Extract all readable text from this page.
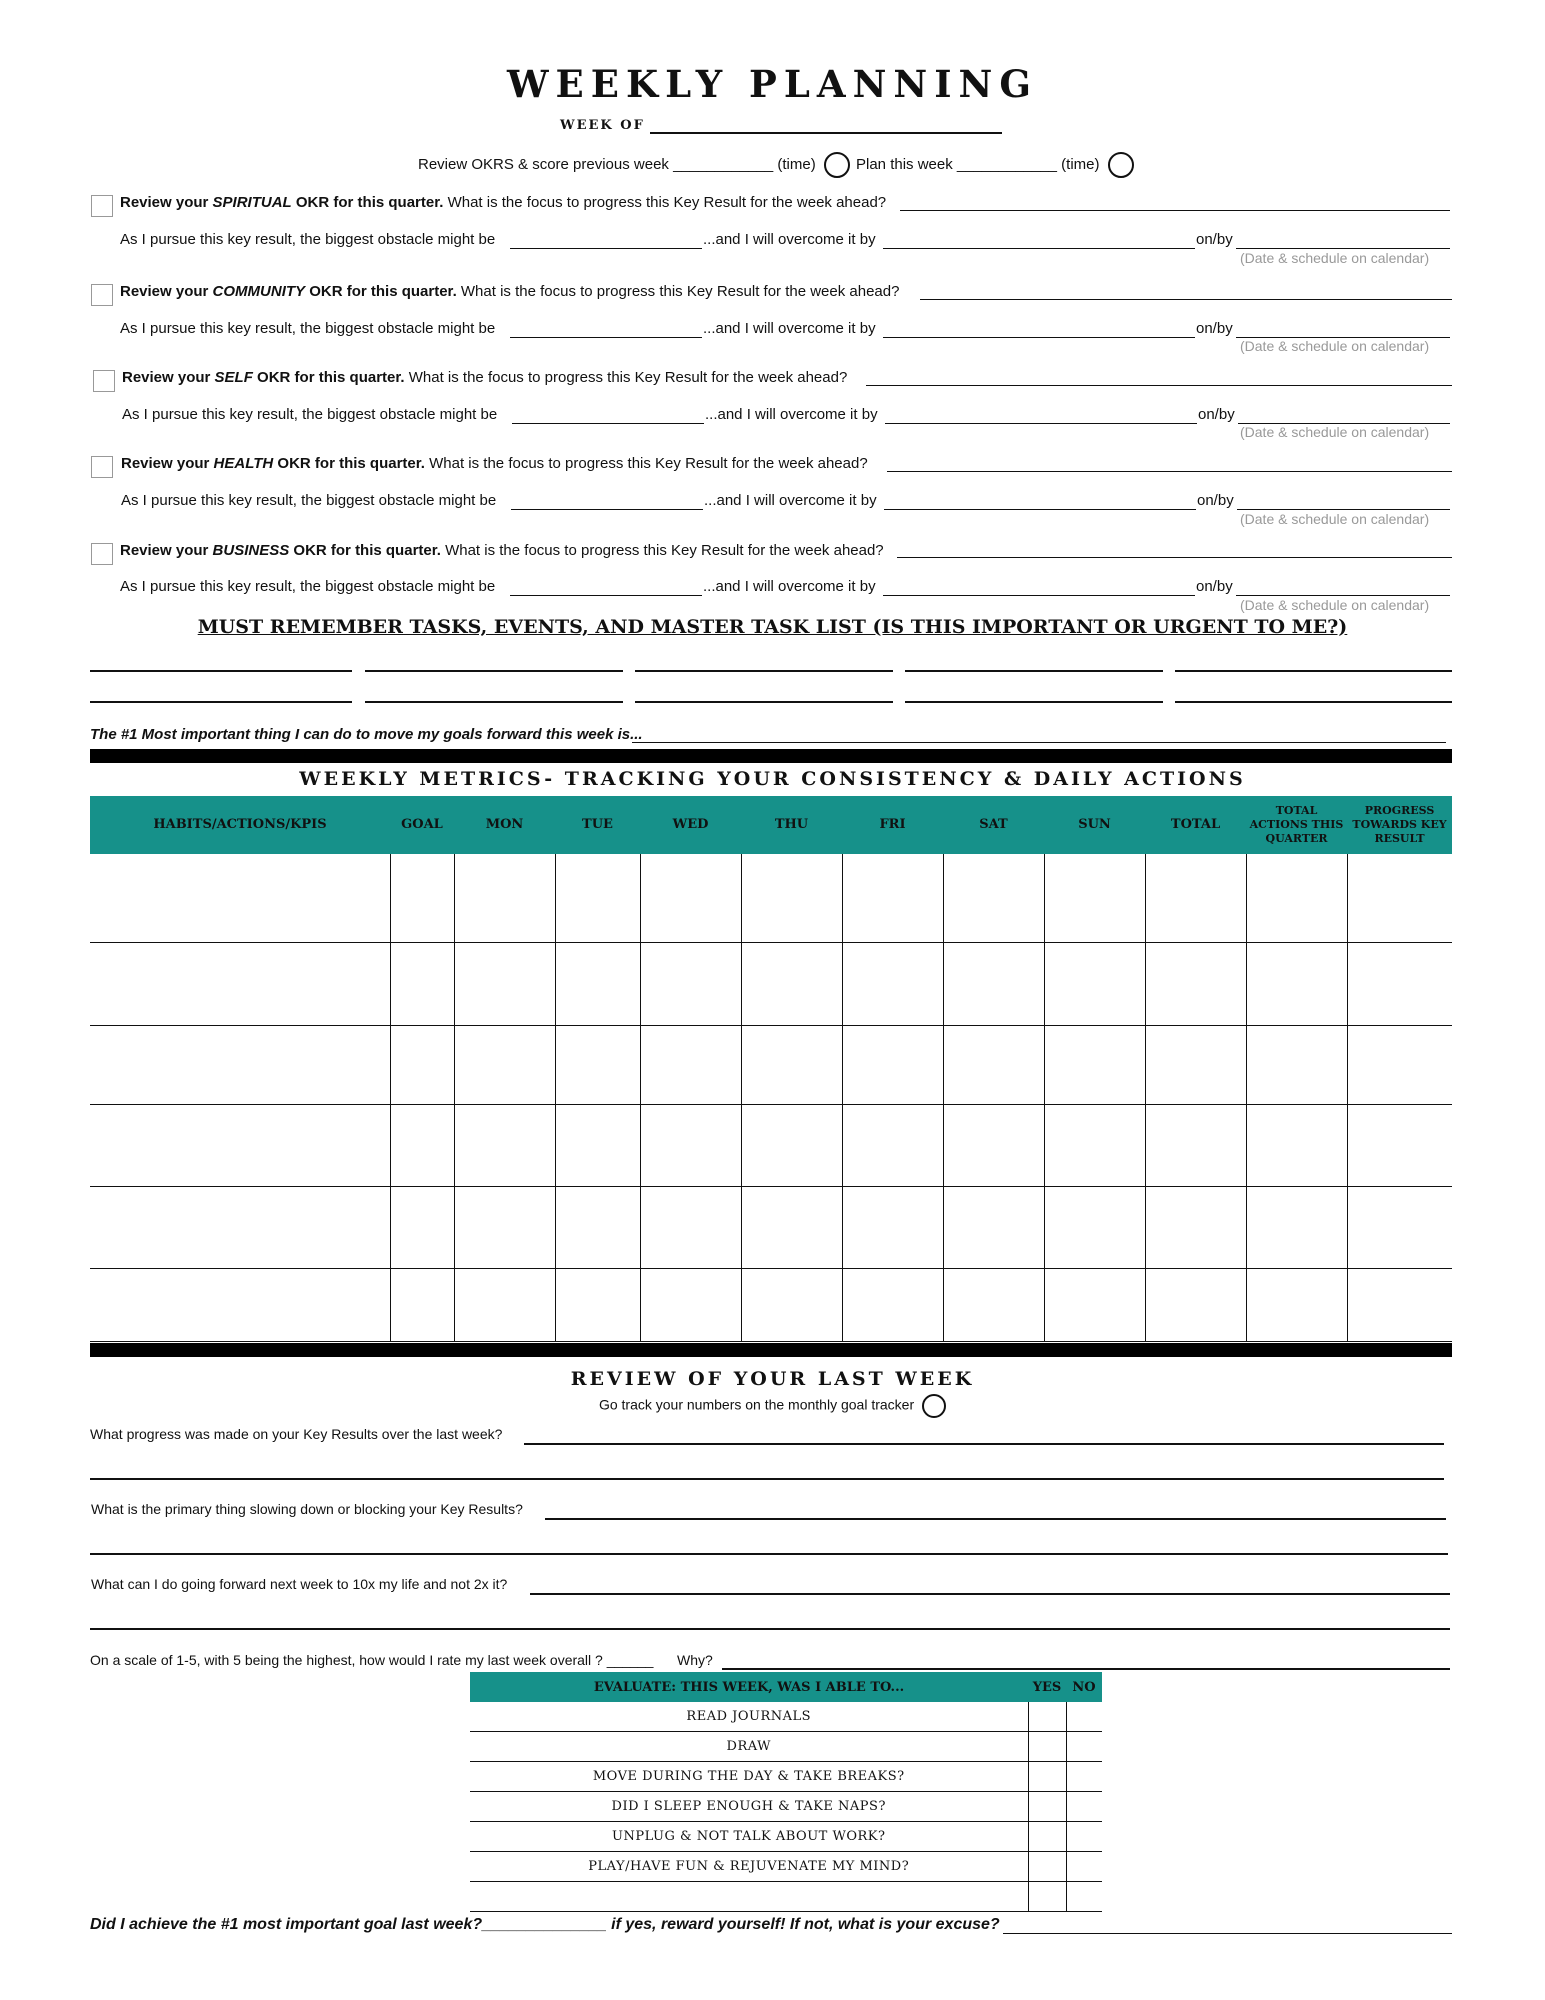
WEEKLY PLANNING
WEEK OF
Review OKRS & score previous week ____________ (time)	Plan this week ____________ (time)
Review your SPIRITUAL OKR for this quarter. What is the focus to progress this Key Result for the week ahead?
As I pursue this key result, the biggest obstacle might be	...and I will overcome it by	on/by
(Date & schedule on calendar)
Review your COMMUNITY OKR for this quarter. What is the focus to progress this Key Result for the week ahead?
As I pursue this key result, the biggest obstacle might be	...and I will overcome it by	on/by
(Date & schedule on calendar)
Review your SELF OKR for this quarter. What is the focus to progress this Key Result for the week ahead?
As I pursue this key result, the biggest obstacle might be	...and I will overcome it by	on/by
(Date & schedule on calendar)
Review your HEALTH OKR for this quarter. What is the focus to progress this Key Result for the week ahead?
As I pursue this key result, the biggest obstacle might be	...and I will overcome it by	on/by
(Date & schedule on calendar)
Review your BUSINESS OKR for this quarter. What is the focus to progress this Key Result for the week ahead?
As I pursue this key result, the biggest obstacle might be	...and I will overcome it by	on/by
(Date & schedule on calendar)
MUST REMEMBER TASKS, EVENTS, AND MASTER TASK LIST (IS THIS IMPORTANT OR URGENT TO ME?)
The #1 Most important thing I can do to move my goals forward this week is...
WEEKLY METRICS- TRACKING YOUR CONSISTENCY & DAILY ACTIONS
HABITS/ACTIONS/KPIS	GOAL	MON	TUE	WED	THU	FRI	SAT	SUN	TOTAL	TOTAL ACTIONS THIS QUARTER	PROGRESS TOWARDS KEY RESULT

REVIEW OF YOUR LAST WEEK
Go track your numbers on the monthly goal tracker
What progress was made on your Key Results over the last week?
What is the primary thing slowing down or blocking your Key Results?
What can I do going forward next week to 10x my life and not 2x it?
On a scale of 1-5, with 5 being the highest, how would I rate my last week overall ? ______ Why?
EVALUATE: THIS WEEK, WAS I ABLE TO...	YES	NO
READ JOURNALS		
DRAW		
MOVE DURING THE DAY & TAKE BREAKS?		
DID I SLEEP ENOUGH & TAKE NAPS?		
UNPLUG & NOT TALK ABOUT WORK?		
PLAY/HAVE FUN & REJUVENATE MY MIND?		

Did I achieve the #1 most important goal last week?______________ if yes, reward yourself! If not, what is your excuse?
